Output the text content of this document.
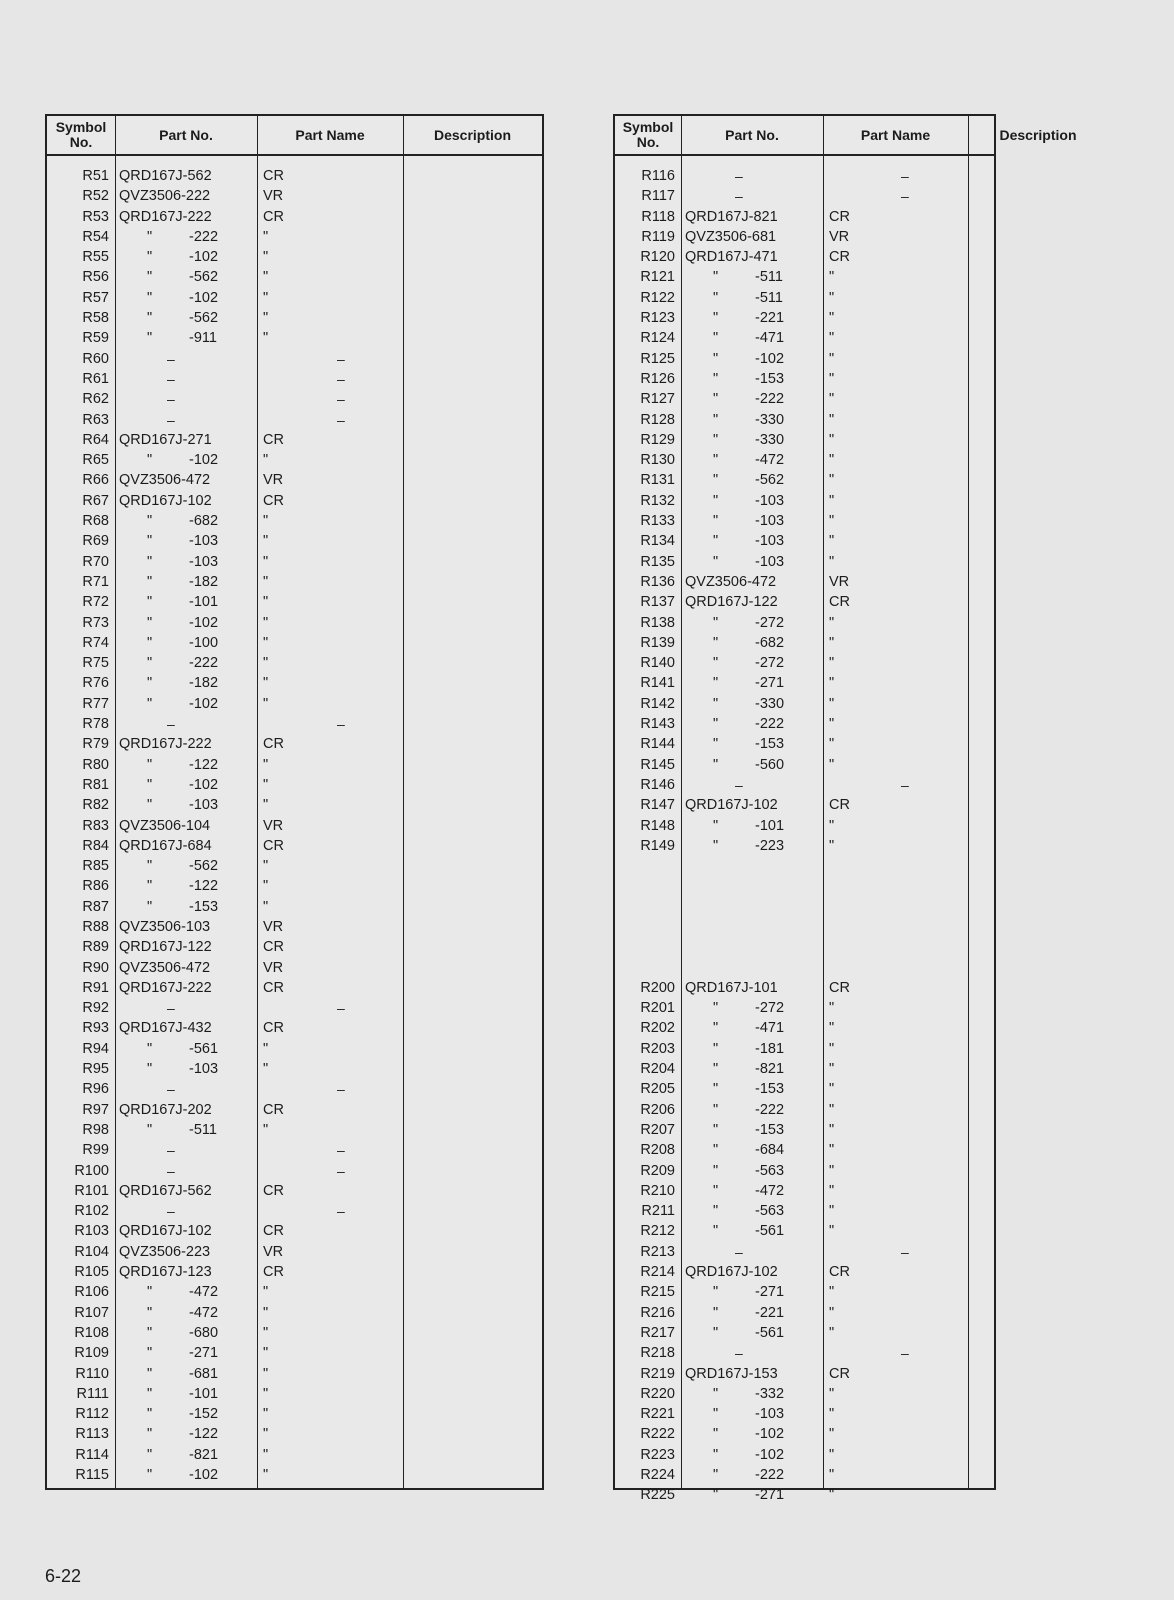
Symbol
No.	Part No.	Part Name	Description
R51 QRD167J-562	CR
R52 QVZ3506-222	VR
R53 QRD167J-222	CR
R54	"	-222	"
R55	"	-102	"
R56	"	-562	"
R57	"	-102	"
R58	"	-562	"
R59	"	-911	"
R60	–	–
R61	–	–
R62	–	–
R63	–	–
R64 QRD167J-271	CR
R65	"	-102	"
R66 QVZ3506-472	VR
R67 QRD167J-102	CR
R68	"	-682	"
R69	"	-103	"
R70	"	-103	"
R71	"	-182	"
R72	"	-101	"
R73	"	-102	"
R74	"	-100	"
R75	"	-222	"
R76	"	-182	"
R77	"	-102	"
R78	–	–
R79 QRD167J-222	CR
R80	"	-122	"
R81	"	-102	"
R82	"	-103	"
R83 QVZ3506-104	VR
R84 QRD167J-684	CR
R85	"	-562	"
R86	"	-122	"
R87	"	-153	"
R88 QVZ3506-103	VR
R89 QRD167J-122	CR
R90 QVZ3506-472	VR
R91 QRD167J-222	CR
R92	–	–
R93 QRD167J-432	CR
R94	"	-561	"
R95	"	-103	"
R96	–	–
R97 QRD167J-202	CR
R98	"	-511	"
R99	–	–
R100	–	–
R101 QRD167J-562	CR
R102	–	–
R103 QRD167J-102	CR
R104 QVZ3506-223	VR
R105 QRD167J-123	CR
R106	"	-472	"
R107	"	-472	"
R108	"	-680	"
R109	"	-271	"
R110	"	-681	"
R111	"	-101	"
R112	"	-152	"
R113	"	-122	"
R114	"	-821	"
R115	"	-102	"
Symbol
No.	Part No.	Part Name	Description
R116	–	–
R117	–	–
R118 QRD167J-821	CR
R119 QVZ3506-681	VR
R120 QRD167J-471	CR
R121	"	-511	"
R122	"	-511	"
R123	"	-221	"
R124	"	-471	"
R125	"	-102	"
R126	"	-153	"
R127	"	-222	"
R128	"	-330	"
R129	"	-330	"
R130	"	-472	"
R131	"	-562	"
R132	"	-103	"
R133	"	-103	"
R134	"	-103	"
R135	"	-103	"
R136 QVZ3506-472	VR
R137 QRD167J-122	CR
R138	"	-272	"
R139	"	-682	"
R140	"	-272	"
R141	"	-271	"
R142	"	-330	"
R143	"	-222	"
R144	"	-153	"
R145	"	-560	"
R146	–	–
R147 QRD167J-102	CR
R148	"	-101	"
R149	"	-223	"
R200 QRD167J-101	CR
R201	"	-272	"
R202	"	-471	"
R203	"	-181	"
R204	"	-821	"
R205	"	-153	"
R206	"	-222	"
R207	"	-153	"
R208	"	-684	"
R209	"	-563	"
R210	"	-472	"
R211	"	-563	"
R212	"	-561	"
R213	–	–
R214 QRD167J-102	CR
R215	"	-271	"
R216	"	-221	"
R217	"	-561	"
R218	–	–
R219 QRD167J-153	CR
R220	"	-332	"
R221	"	-103	"
R222	"	-102	"
R223	"	-102	"
R224	"	-222	"
R225	"	-271	"
6-22
